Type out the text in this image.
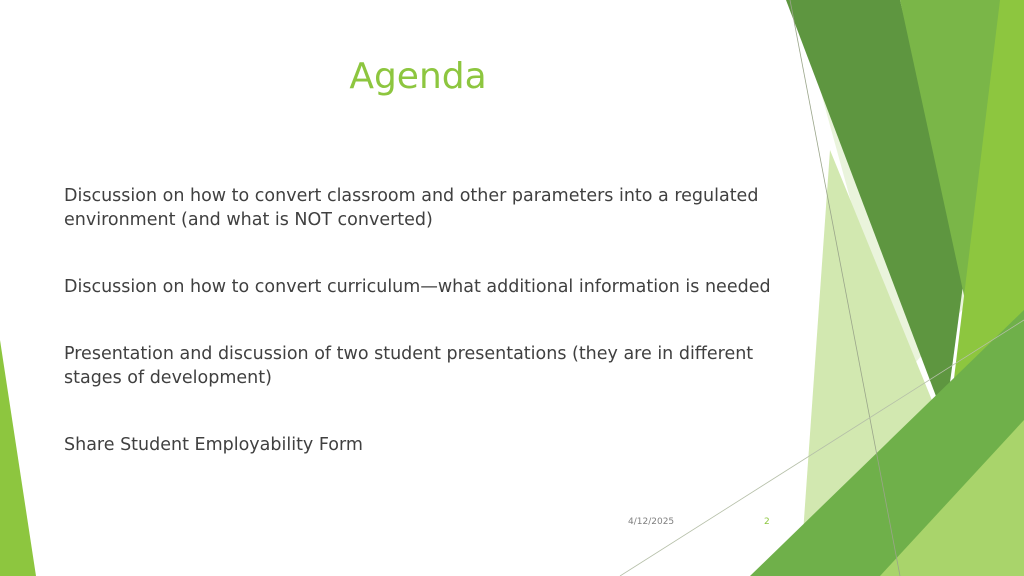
Agenda
Discussion on how to convert classroom and other parameters into a regulated environment (and what is NOT converted)
Discussion on how to convert curriculum—what additional information is needed
Presentation and discussion of two student presentations (they are in different stages of development)
Share Student Employability Form
4/12/2025	2
